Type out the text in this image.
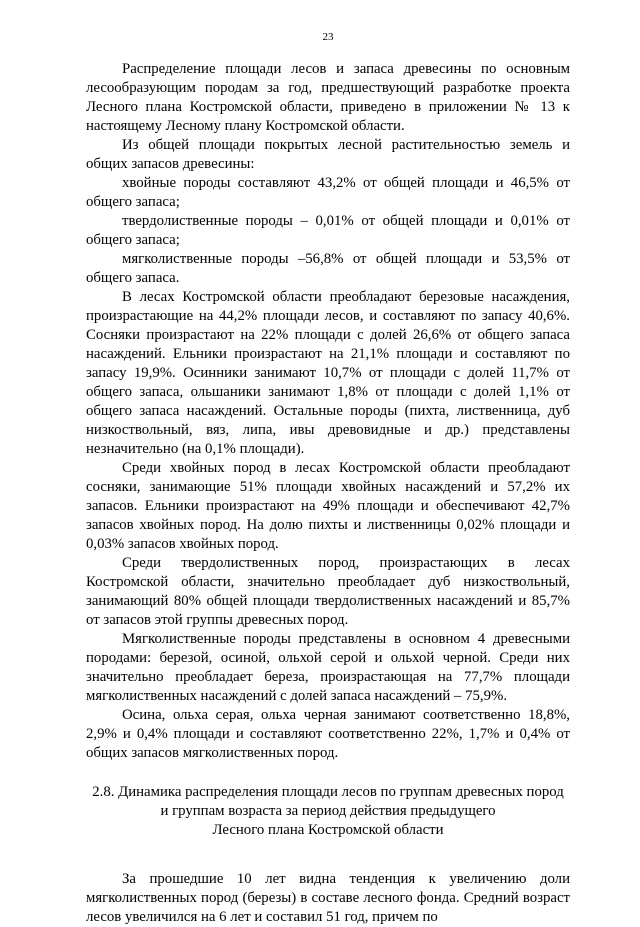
23

Распределение площади лесов и запаса древесины по основным лесообразующим породам за год, предшествующий разработке проекта Лесного плана Костромской области, приведено в приложении № 13 к настоящему Лесному плану Костромской области.

Из общей площади покрытых лесной растительностью земель и общих запасов древесины:

хвойные породы составляют 43,2% от общей площади и 46,5% от общего запаса;

твердолиственные породы – 0,01% от общей площади и 0,01% от общего запаса;

мягколиственные породы –56,8% от общей площади и 53,5% от общего запаса.

В лесах Костромской области преобладают березовые насаждения, произрастающие на 44,2% площади лесов, и составляют по запасу 40,6%. Сосняки произрастают на 22% площади с долей 26,6% от общего запаса насаждений. Ельники произрастают на 21,1% площади и составляют по запасу 19,9%. Осинники занимают 10,7% от площади с долей 11,7% от общего запаса, ольшаники занимают 1,8% от площади с долей 1,1% от общего запаса насаждений. Остальные породы (пихта, лиственница, дуб низкоствольный, вяз, липа, ивы древовидные и др.) представлены незначительно (на 0,1% площади).

Среди хвойных пород в лесах Костромской области преобладают сосняки, занимающие 51% площади хвойных насаждений и 57,2% их запасов. Ельники произрастают на 49% площади и обеспечивают 42,7% запасов хвойных пород. На долю пихты и лиственницы 0,02% площади и 0,03% запасов хвойных пород.

Среди твердолиственных пород, произрастающих в лесах Костромской области, значительно преобладает дуб низкоствольный, занимающий 80% общей площади твердолиственных насаждений и 85,7% от запасов этой группы древесных пород.

Мягколиственные породы представлены в основном 4 древесными породами: березой, осиной, ольхой серой и ольхой черной. Среди них значительно преобладает береза, произрастающая на 77,7% площади мягколиственных насаждений с долей запаса насаждений – 75,9%.

Осина, ольха серая, ольха черная занимают соответственно 18,8%, 2,9% и 0,4% площади и составляют соответственно 22%, 1,7% и 0,4% от общих запасов мягколиственных пород.

2.8. Динамика распределения площади лесов по группам древесных пород
и группам возраста за период действия предыдущего
Лесного плана Костромской области

За прошедшие 10 лет видна тенденция к увеличению доли мягколиственных пород (березы) в составе лесного фонда. Средний возраст лесов увеличился на 6 лет и составил 51 год, причем по
